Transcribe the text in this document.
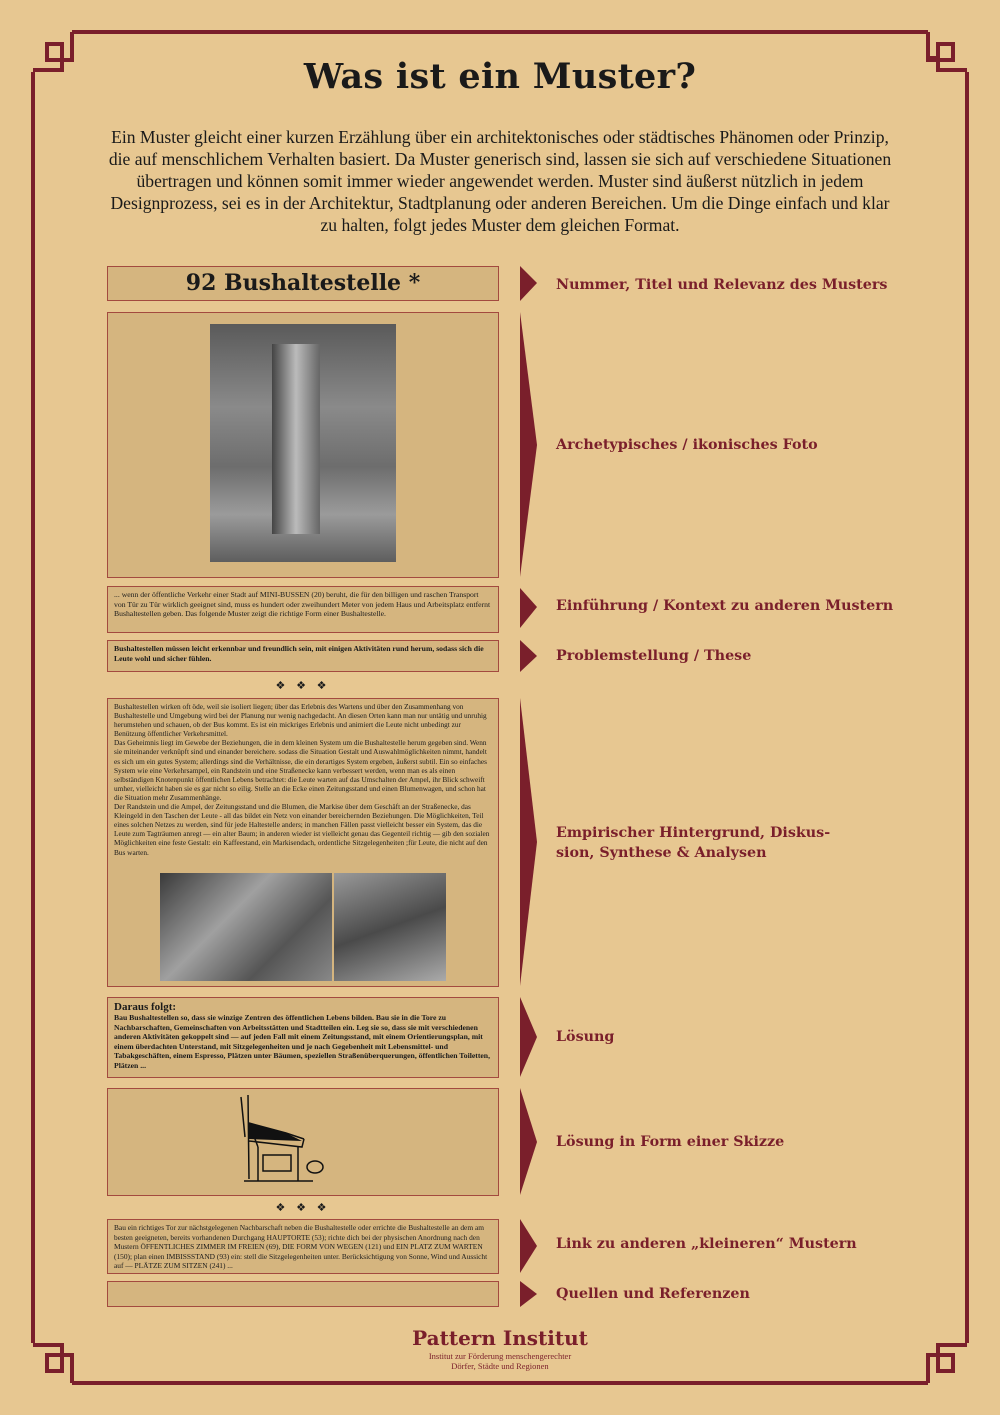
Was ist ein Muster?

Ein Muster gleicht einer kurzen Erzählung über ein architektonisches oder städtisches Phänomen oder Prinzip, die auf menschlichem Verhalten basiert. Da Muster generisch sind, lassen sie sich auf verschiedene Situationen übertragen und können somit immer wieder angewendet werden. Muster sind äußerst nützlich in jedem Designprozess, sei es in der Architektur, Stadtplanung oder anderen Bereichen. Um die Dinge einfach und klar zu halten, folgt jedes Muster dem gleichen Format.

92 Bushaltestelle *
... wenn der öffentliche Verkehr einer Stadt auf MINI-BUSSEN (20) beruht, die für den billigen und raschen Transport von Tür zu Tür wirklich geeignet sind, muss es hundert oder zweihundert Meter von jedem Haus und Arbeitsplatz entfernt Bushaltestellen geben. Das folgende Muster zeigt die richtige Form einer Bushaltestelle.
Bushaltestellen müssen leicht erkennbar und freundlich sein, mit einigen Aktivitäten rund herum, sodass sich die Leute wohl und sicher fühlen.
❖ ❖ ❖
Bushaltestellen wirken oft öde, weil sie isoliert liegen; über das Erlebnis des Wartens und über den Zusammenhang von Bushaltestelle und Umgebung wird bei der Planung nur wenig nachgedacht. An diesen Orten kann man nur untätig und unruhig herumstehen und schauen, ob der Bus kommt. Es ist ein mickriges Erlebnis und animiert die Leute nicht unbedingt zur Benützung öffentlicher Verkehrsmittel.
Das Geheimnis liegt im Gewebe der Beziehungen, die in dem kleinen System um die Bushaltestelle herum gegeben sind. Wenn sie miteinander verknüpft sind und einander bereichere. sodass die Situation Gestalt und Auswahlmöglichkeiten nimmt, handelt es sich um ein gutes System; allerdings sind die Verhältnisse, die ein derartiges System ergeben, äußerst subtil. Ein so einfaches System wie eine Verkehrsampel, ein Randstein und eine Straßenecke kann verbessert werden, wenn man es als einen selbständigen Knotenpunkt öffentlichen Lebens betrachtet: die Leute warten auf das Umschalten der Ampel, ihr Blick schweift umher, vielleicht haben sie es gar nicht so eilig. Stelle an die Ecke einen Zeitungsstand und einen Blumenwagen, und schon hat die Situation mehr Zusammenhänge.
Der Randstein und die Ampel, der Zeitungsstand und die Blumen, die Markise über dem Geschäft an der Straßenecke, das Kleingeld in den Taschen der Leute - all das bildet ein Netz von einander bereichernden Beziehungen. Die Möglichkeiten, Teil eines solchen Netzes zu werden, sind für jede Haltestelle anders; in manchen Fällen passt vielleicht besser ein System, das die Leute zum Tagträumen anregt — ein alter Baum; in anderen wieder ist vielleicht genau das Gegenteil richtig — gib den sozialen Möglichkeiten eine feste Gestalt: ein Kaffeestand, ein Markisendach, ordentliche Sitzgelegenheiten ;für Leute, die nicht auf den Bus warten.
Daraus folgt:
Bau Bushaltestellen so, dass sie winzige Zentren des öffentlichen Lebens bilden. Bau sie in die Tore zu Nachbarschaften, Gemeinschaften von Arbeitsstätten und Stadtteilen ein. Leg sie so, dass sie mit verschiedenen anderen Aktivitäten gekoppelt sind — auf jeden Fall mit einem Zeitungsstand, mit einem Orientierungsplan, mit einem überdachten Unterstand, mit Sitzgelegenheiten und je nach Gegebenheit mit Lebensmittel- und Tabakgeschäften, einem Espresso, Plätzen unter Bäumen, speziellen Straßenüberquerungen, öffentlichen Toiletten, Plätzen ...
❖ ❖ ❖
Bau ein richtiges Tor zur nächstgelegenen Nachbarschaft neben die Bushaltestelle oder errichte die Bushaltestelle an dem am besten geeigneten, bereits vorhandenen Durchgang HAUPTORTE (53); richte dich bei der physischen Anordnung nach den Mustern ÖFFENTLICHES ZIMMER IM FREIEN (69), DIE FORM VON WEGEN (121) und EIN PLATZ ZUM WARTEN (150); plan einen IMBISSSTAND (93) ein: stell die Sitzgelegenheiten unter. Berücksichtigung von Sonne, Wind und Aussicht auf — PLÄTZE ZUM SITZEN (241) ...
Nummer, Titel und Relevanz des Musters
Archetypisches / ikonisches Foto
Einführung / Kontext zu anderen Mustern
Problemstellung / These
Empirischer Hintergrund, Diskus-
sion, Synthese & Analysen
Lösung
Lösung in Form einer Skizze
Link zu anderen „kleineren“ Mustern
Quellen und Referenzen
Pattern Institut
Institut zur Förderung menschengerechter
Dörfer, Städte und Regionen
